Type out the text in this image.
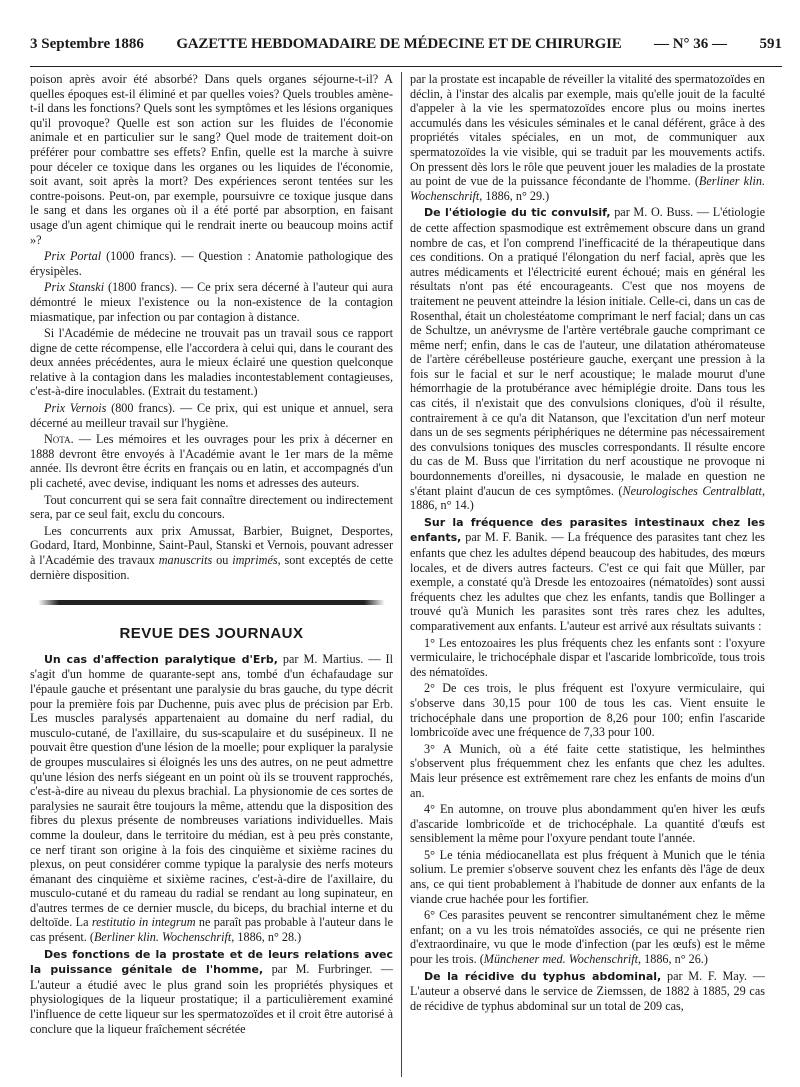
3 Septembre 1886 GAZETTE HEBDOMADAIRE DE MÉDECINE ET DE CHIRURGIE — N° 36 — 591

poison après avoir été absorbé? Dans quels organes séjourne-t-il? A quelles époques est-il éliminé et par quelles voies? Quels troubles amène-t-il dans les fonctions? Quels sont les symptômes et les lésions organiques qu'il provoque? Quelle est son action sur les fluides de l'économie animale et en particulier sur le sang? Quel mode de traitement doit-on préférer pour combattre ses effets? Enfin, quelle est la marche à suivre pour déceler ce toxique dans les organes ou les liquides de l'économie, soit avant, soit après la mort? Des expériences seront tentées sur les contre-poisons. Peut-on, par exemple, poursuivre ce toxique jusque dans le sang et dans les organes où il a été porté par absorption, en faisant usage d'un agent chimique qui le rendrait inerte ou beaucoup moins actif »?

Prix Portal (1000 francs). — Question : Anatomie pathologique des érysipèles.

Prix Stanski (1800 francs). — Ce prix sera décerné à l'auteur qui aura démontré le mieux l'existence ou la non-existence de la contagion miasmatique, par infection ou par contagion à distance.

Si l'Académie de médecine ne trouvait pas un travail sous ce rapport digne de cette récompense, elle l'accordera à celui qui, dans le courant des deux années précédentes, aura le mieux éclairé une question quelconque relative à la contagion dans les maladies incontestablement contagieuses, c'est-à-dire inoculables. (Extrait du testament.)

Prix Vernois (800 francs). — Ce prix, qui est unique et annuel, sera décerné au meilleur travail sur l'hygiène.

Nota. — Les mémoires et les ouvrages pour les prix à décerner en 1888 devront être envoyés à l'Académie avant le 1er mars de la même année. Ils devront être écrits en français ou en latin, et accompagnés d'un pli cacheté, avec devise, indiquant les noms et adresses des auteurs.

Tout concurrent qui se sera fait connaître directement ou indirectement sera, par ce seul fait, exclu du concours.

Les concurrents aux prix Amussat, Barbier, Buignet, Desportes, Godard, Itard, Monbinne, Saint-Paul, Stanski et Vernois, pouvant adresser à l'Académie des travaux manuscrits ou imprimés, sont exceptés de cette dernière disposition.

REVUE DES JOURNAUX

Un cas d'affection paralytique d'Erb, par M. Martius. — Il s'agit d'un homme de quarante-sept ans, tombé d'un échafaudage sur l'épaule gauche et présentant une paralysie du bras gauche, du type décrit pour la première fois par Duchenne, puis avec plus de précision par Erb. Les muscles paralysés appartenaient au domaine du nerf radial, du musculo-cutané, de l'axillaire, du sus-scapulaire et du susépineux. Il ne pouvait être question d'une lésion de la moelle; pour expliquer la paralysie de groupes musculaires si éloignés les uns des autres, on ne peut admettre qu'une lésion des nerfs siégeant en un point où ils se trouvent rapprochés, c'est-à-dire au niveau du plexus brachial. La physionomie de ces sortes de paralysies ne saurait être toujours la même, attendu que la disposition des fibres du plexus présente de nombreuses variations individuelles. Mais comme la douleur, dans le territoire du médian, est à peu près constante, ce nerf tirant son origine à la fois des cinquième et sixième racines du plexus, on peut considérer comme typique la paralysie des nerfs moteurs émanant des cinquième et sixième racines, c'est-à-dire de l'axillaire, du musculo-cutané et du rameau du radial se rendant au long supinateur, en d'autres termes de ce dernier muscle, du biceps, du brachial interne et du deltoïde. La restitutio in integrum ne paraît pas probable à l'auteur dans le cas présent. (Berliner klin. Wochenschrift, 1886, n° 28.)

Des fonctions de la prostate et de leurs relations avec la puissance génitale de l'homme, par M. Furbringer. — L'auteur a étudié avec le plus grand soin les propriétés physiques et physiologiques de la liqueur prostatique; il a particulièrement examiné l'influence de cette liqueur sur les spermatozoïdes et il croit être autorisé à conclure que la liqueur fraîchement sécrétée

par la prostate est incapable de réveiller la vitalité des spermatozoïdes en déclin, à l'instar des alcalis par exemple, mais qu'elle jouit de la faculté d'appeler à la vie les spermatozoïdes encore plus ou moins inertes accumulés dans les vésicules séminales et le canal déférent, grâce à des propriétés vitales spéciales, en un mot, de communiquer aux spermatozoïdes la vie visible, qui se traduit par les mouvements actifs. On pressent dès lors le rôle que peuvent jouer les maladies de la prostate au point de vue de la puissance fécondante de l'homme. (Berliner klin. Wochenschrift, 1886, n° 29.)

De l'étiologie du tic convulsif, par M. O. Buss. — L'étiologie de cette affection spasmodique est extrêmement obscure dans un grand nombre de cas, et l'on comprend l'inefficacité de la thérapeutique dans ces conditions. On a pratiqué l'élongation du nerf facial, après que les autres médicaments et l'électricité eurent échoué; mais en général les résultats n'ont pas été encourageants. C'est que nos moyens de traitement ne peuvent atteindre la lésion initiale. Celle-ci, dans un cas de Rosenthal, était un cholestéatome comprimant le nerf facial; dans un cas de Schultze, un anévrysme de l'artère vertébrale gauche comprimant ce même nerf; enfin, dans le cas de l'auteur, une dilatation athéromateuse de l'artère cérébelleuse postérieure gauche, exerçant une pression à la fois sur le facial et sur le nerf acoustique; le malade mourut d'une hémorrhagie de la protubérance avec hémiplégie droite. Dans tous les cas cités, il n'existait que des convulsions cloniques, d'où il résulte, contrairement à ce qu'a dit Natanson, que l'excitation d'un nerf moteur dans un de ses segments périphériques ne détermine pas nécessairement des convulsions toniques des muscles correspondants. Il résulte encore du cas de M. Buss que l'irritation du nerf acoustique ne provoque ni bourdonnements d'oreilles, ni dysacousie, le malade en question ne s'étant plaint d'aucun de ces symptômes. (Neurologisches Centralblatt, 1886, n° 14.)

Sur la fréquence des parasites intestinaux chez les enfants, par M. F. Banik. — La fréquence des parasites tant chez les enfants que chez les adultes dépend beaucoup des habitudes, des mœurs locales, et de divers autres facteurs. C'est ce qui fait que Müller, par exemple, a constaté qu'à Dresde les entozoaires (nématoïdes) sont aussi fréquents chez les adultes que chez les enfants, tandis que Bollinger a trouvé qu'à Munich les parasites sont très rares chez les adultes, comparativement aux enfants. L'auteur est arrivé aux résultats suivants :

1° Les entozoaires les plus fréquents chez les enfants sont : l'oxyure vermiculaire, le trichocéphale dispar et l'ascaride lombricoïde, tous trois des nématoïdes.

2° De ces trois, le plus fréquent est l'oxyure vermiculaire, qui s'observe dans 30,15 pour 100 de tous les cas. Vient ensuite le trichocéphale dans une proportion de 8,26 pour 100; enfin l'ascaride lombricoïde avec une fréquence de 7,33 pour 100.

3° A Munich, où a été faite cette statistique, les helminthes s'observent plus fréquemment chez les enfants que chez les adultes. Mais leur présence est extrêmement rare chez les enfants de moins d'un an.

4° En automne, on trouve plus abondamment qu'en hiver les œufs d'ascaride lombricoïde et de trichocéphale. La quantité d'œufs est sensiblement la même pour l'oxyure pendant toute l'année.

5° Le ténia médiocanellata est plus fréquent à Munich que le ténia solium. Le premier s'observe souvent chez les enfants dès l'âge de deux ans, ce qui tient probablement à l'habitude de donner aux enfants de la viande crue hachée pour les fortifier.

6° Ces parasites peuvent se rencontrer simultanément chez le même enfant; on a vu les trois nématoïdes associés, ce qui ne présente rien d'extraordinaire, vu que le mode d'infection (par les œufs) est le même pour les trois. (Münchener med. Wochenschrift, 1886, n° 26.)

De la récidive du typhus abdominal, par M. F. May. — L'auteur a observé dans le service de Ziemssen, de 1882 à 1885, 29 cas de récidive de typhus abdominal sur un total de 209 cas,
